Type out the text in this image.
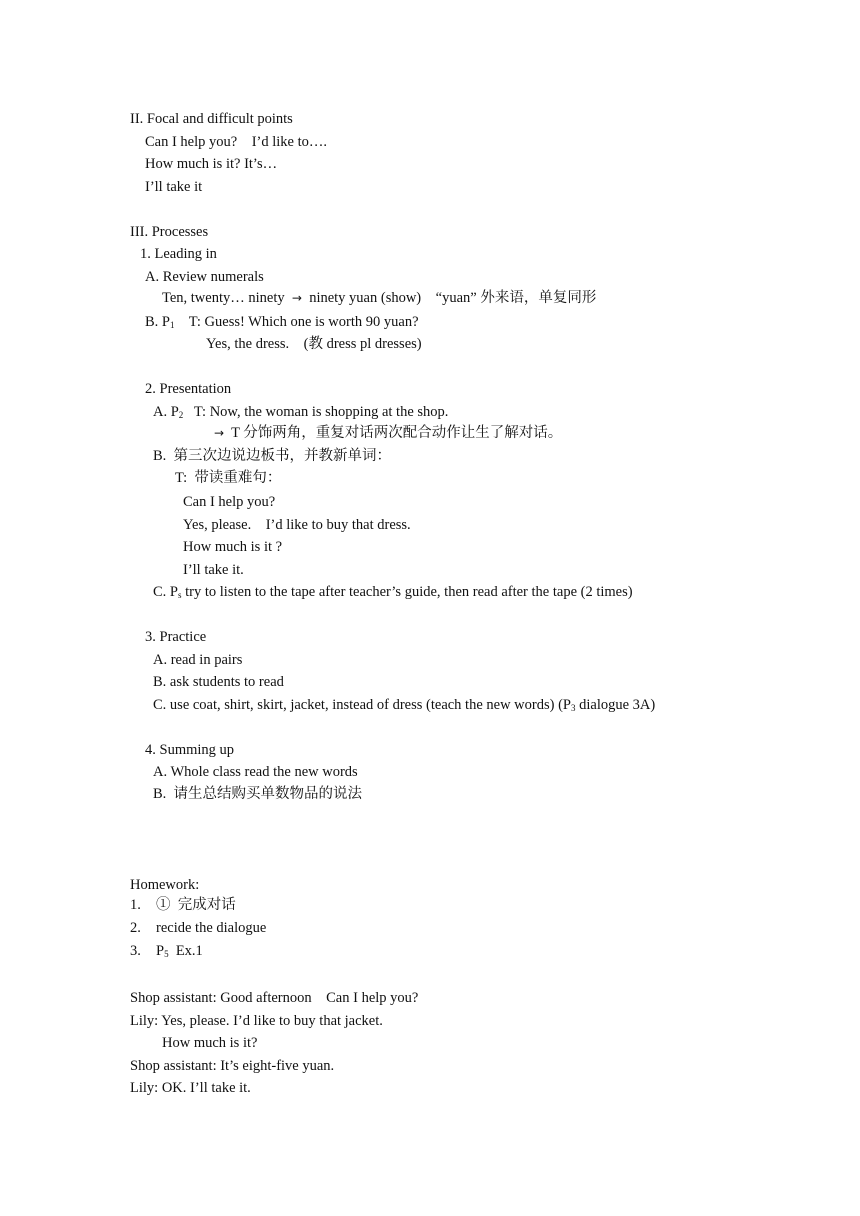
II. Focal and difficult points
Can I help you?    I’d like to….
How much is it? It’s…
I’ll take it
III. Processes
1. Leading in
A. Review numerals
Ten, twenty… ninety → ninety yuan (show)    “yuan” 外来语，单复同形
B. $P_1$ T: Guess! Which one is worth 90 yuan?
Yes, the dress.    (教 dress pl dresses)
2. Presentation
A. $P_2$ T: Now, the woman is shopping at the shop.
→ T 分饰两角，重复对话两次配合动作让生了解对话。
B.  第三次边说边板书，并教新单词：
T:  带读重难句：
Can I help you?
Yes, please.    I’d like to buy that dress.
How much is it ?
I’ll take it.
C. $P_s$ try to listen to the tape after teacher’s guide, then read after the tape (2 times)
3. Practice
A. read in pairs
B. ask students to read
C. use coat, shirt, skirt, jacket, instead of dress (teach the new words) ($P_3$ dialogue 3A)
4. Summing up
A. Whole class read the new words
B.  请生总结购买单数物品的说法
Homework:
1. ①  完成对话
2. recide the dialogue
3. $P_5$  Ex.1
Shop assistant: Good afternoon    Can I help you?
Lily: Yes, please. I’d like to buy that jacket.
How much is it?
Shop assistant: It’s eight-five yuan.
Lily: OK. I’ll take it.
